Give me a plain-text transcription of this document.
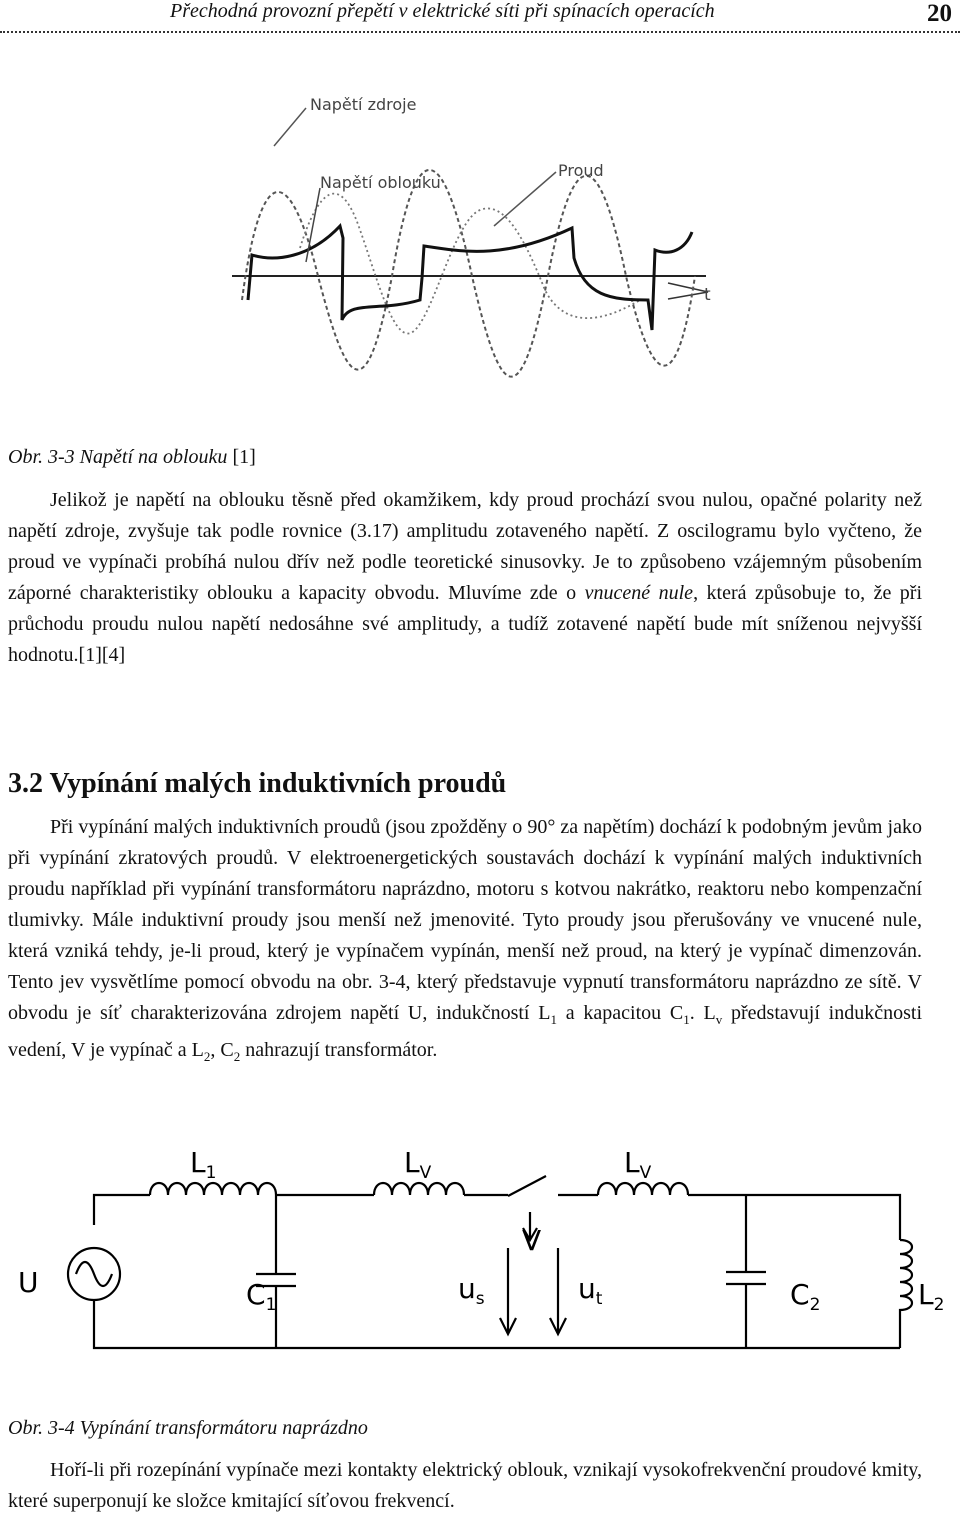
Přechodná provozní přepětí v elektrické síti při spínacích operacích	20
Napětí zdroje
Napětí oblouku
Proud
t
Obr. 3-3 Napětí na oblouku [1]
Jelikož je napětí na oblouku těsně před okamžikem, kdy proud prochází svou nulou, opačné polarity než napětí zdroje, zvyšuje tak podle rovnice (3.17) amplitudu zotaveného napětí. Z oscilogramu bylo vyčteno, že proud ve vypínači probíhá nulou dřív než podle teoretické sinusovky. Je to způsobeno vzájemným působením záporné charakteristiky oblouku a kapacity obvodu. Mluvíme zde o vnucené nule, která způsobuje to, že při průchodu proudu nulou napětí nedosáhne své amplitudy, a tudíž zotavené napětí bude mít sníženou nejvyšší hodnotu.[1][4]
3.2 Vypínání malých induktivních proudů
Při vypínání malých induktivních proudů (jsou zpožděny o 90° za napětím) dochází k podobným jevům jako při vypínání zkratových proudů. V elektroenergetických soustavách dochází k vypínání malých induktivních proudu například při vypínání transformátoru naprázdno, motoru s kotvou nakrátko, reaktoru nebo kompenzační tlumivky. Mále induktivní proudy jsou menší než jmenovité. Tyto proudy jsou přerušovány ve vnucené nule, která vzniká tehdy, je-li proud, který je vypínačem vypínán, menší než proud, na který je vypínač dimenzován. Tento jev vysvětlíme pomocí obvodu na obr. 3-4, který představuje vypnutí transformátoru naprázdno ze sítě. V obvodu je síť charakterizována zdrojem napětí U, indukčností $L_1$ a kapacitou $C_1$. $L_v$ představují indukčnosti vedení, V je vypínač a $L_2$, $C_2$ nahrazují transformátor.
U
$L_1$
$C_1$
$L_V$	$L_V$
V
$u_s$	$u_t$	$C_2$	$L_2$
Obr. 3-4 Vypínání transformátoru naprázdno
Hoří-li při rozepínání vypínače mezi kontakty elektrický oblouk, vznikají vysokofrekvenční proudové kmity, které superponují ke složce kmitající síťovou frekvencí.
